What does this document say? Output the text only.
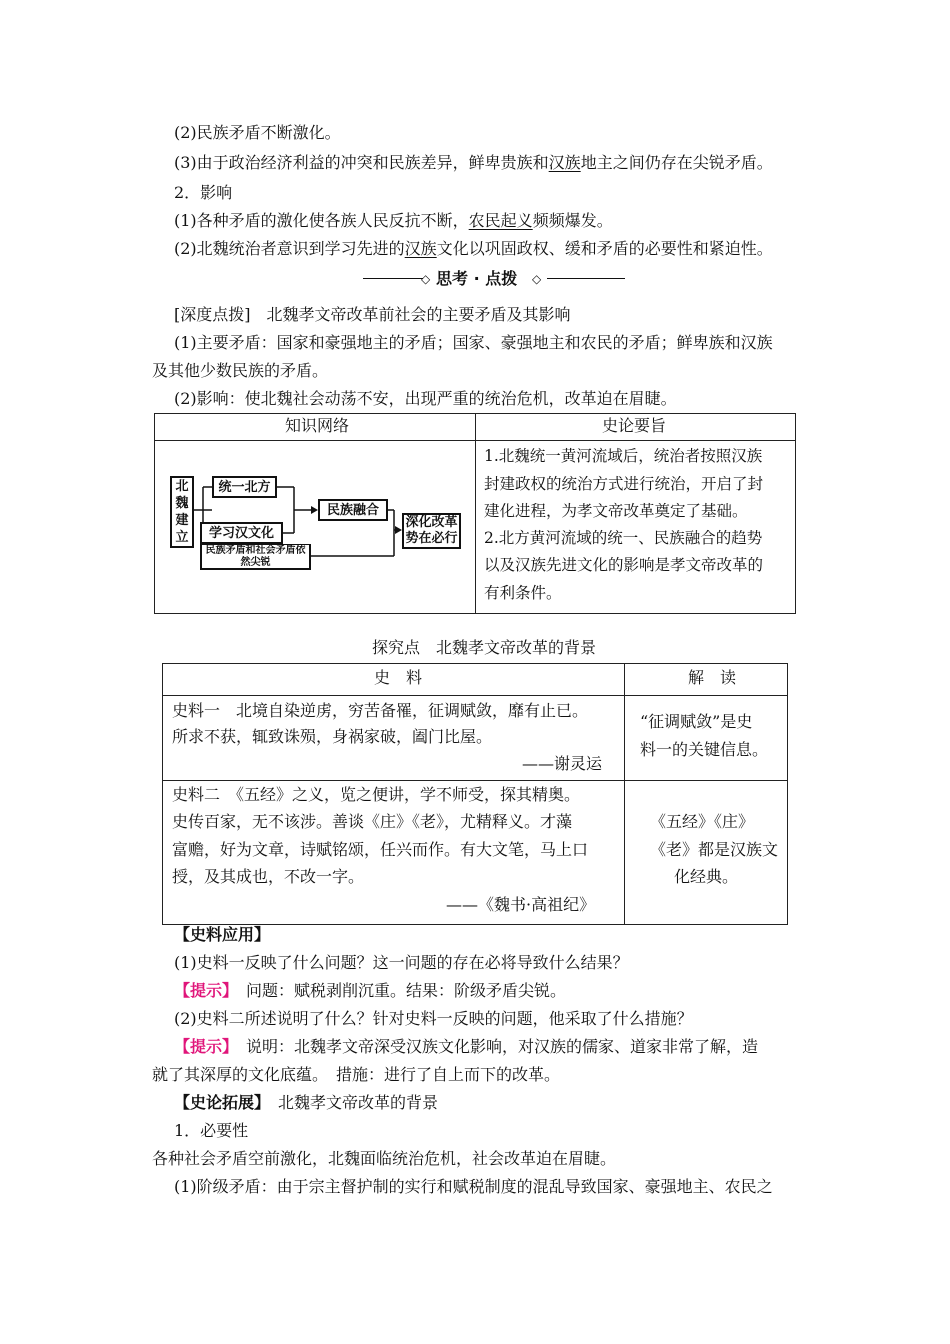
(2)民族矛盾不断激化。
(3)由于政治经济利益的冲突和民族差异，鲜卑贵族和汉族地主之间仍存在尖锐矛盾。
2．影响
(1)各种矛盾的激化使各族人民反抗不断，农民起义频频爆发。
(2)北魏统治者意识到学习先进的汉族文化以巩固政权、缓和矛盾的必要性和紧迫性。
◇ 思考 · 点拨 ◇
[深度点拨]　 北魏孝文帝改革前社会的主要矛盾及其影响
(1)主要矛盾：国家和豪强地主的矛盾；国家、豪强地主和农民的矛盾；鲜卑族和汉族
及其他少数民族的矛盾。
(2)影响：使北魏社会动荡不安，出现严重的统治危机，改革迫在眉睫。
知识网络	史论要旨
北魏建立
统一北方
学习汉文化
民族矛盾和社会矛盾依然尖锐
民族融合
深化改革势在必行
1.北魏统一黄河流域后，统治者按照汉族
封建政权的统治方式进行统治，开启了封
建化进程，为孝文帝改革奠定了基础。
2.北方黄河流域的统一、民族融合的趋势
以及汉族先进文化的影响是孝文帝改革的
有利条件。
探究点　北魏孝文帝改革的背景
史　料	解　读
史料一　北境自染逆虏，穷苦备罹，征调赋敛，靡有止已。
所求不获，辄致诛殒，身祸家破，阖门比屋。
——谢灵运
“征调赋敛”是史
料一的关键信息。
史料二　《五经》之义，览之便讲，学不师受，探其精奥。
史传百家，无不该涉。善谈《庄》《老》，尤精释义。才藻
富赡，好为文章，诗赋铭颂，任兴而作。有大文笔，马上口
授，及其成也，不改一字。
——《魏书·高祖纪》
《五经》《庄》
《老》都是汉族文
化经典。
【史料应用】
(1)史料一反映了什么问题？这一问题的存在必将导致什么结果？
【提示】　 问题：赋税剥削沉重。结果：阶级矛盾尖锐。
(2)史料二所述说明了什么？针对史料一反映的问题，他采取了什么措施？
【提示】　 说明：北魏孝文帝深受汉族文化影响，对汉族的儒家、道家非常了解，造
就了其深厚的文化底蕴。　措施：进行了自上而下的改革。
【史论拓展】　 北魏孝文帝改革的背景
1．必要性
各种社会矛盾空前激化，北魏面临统治危机，社会改革迫在眉睫。
(1)阶级矛盾：由于宗主督护制的实行和赋税制度的混乱导致国家、豪强地主、农民之
